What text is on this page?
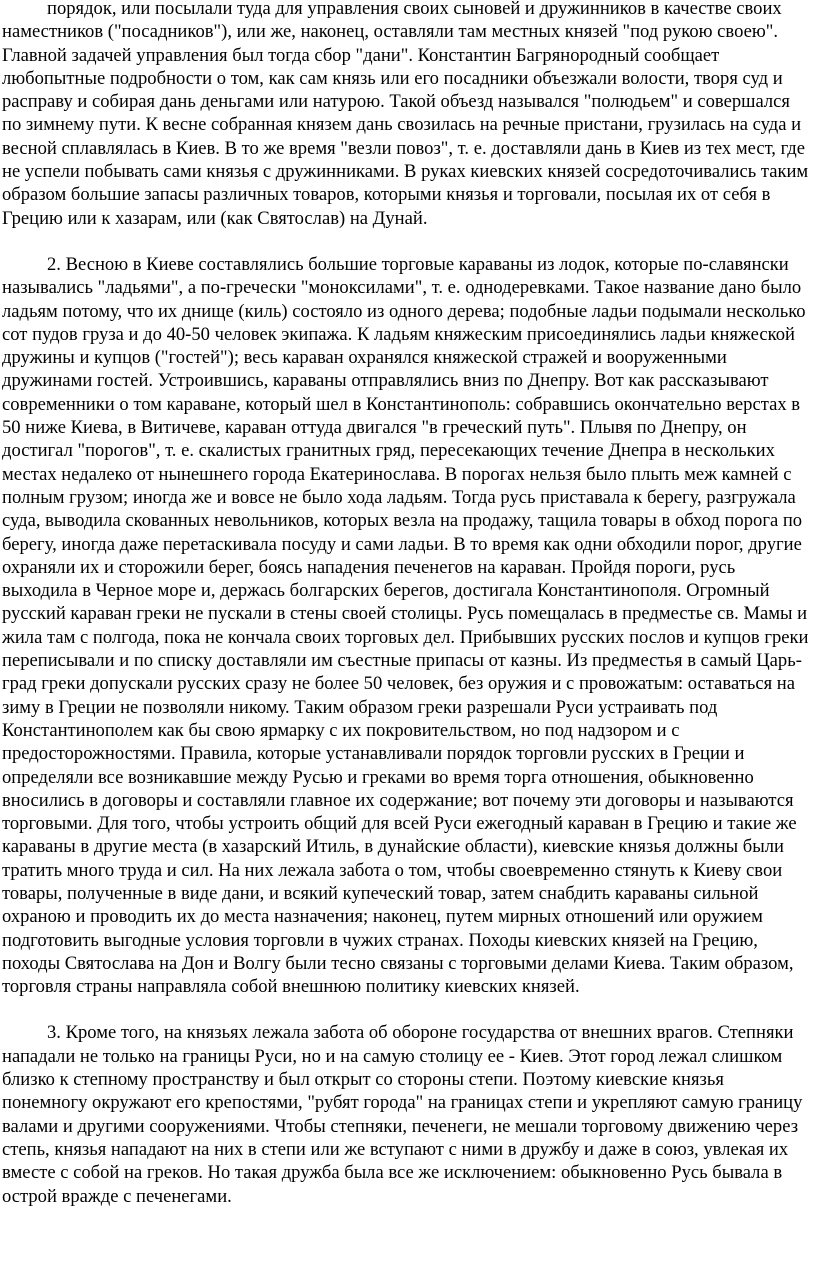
порядок, или посылали туда для управления своих сыновей и дружинников в качестве своих наместников ("посадников"), или же, наконец, оставляли там местных князей "под рукою своею". Главной задачей управления был тогда сбор "дани". Константин Багрянородный сообщает любопытные подробности о том, как сам князь или его посадники объезжали волости, творя суд и расправу и собирая дань деньгами или натурою. Такой объезд назывался "полюдьем" и совершался по зимнему пути. К весне собранная князем дань свозилась на речные пристани, грузилась на суда и весной сплавлялась в Киев. В то же время "везли повоз", т. е. доставляли дань в Киев из тех мест, где не успели побывать сами князья с дружинниками. В руках киевских князей сосредоточивались таким образом большие запасы различных товаров, которыми князья и торговали, посылая их от себя в Грецию или к хазарам, или (как Святослав) на Дунай.

2. Весною в Киеве составлялись большие торговые караваны из лодок, которые по-славянски назывались "ладьями", а по-гречески "моноксилами", т. е. однодеревками. Такое название дано было ладьям потому, что их днище (киль) состояло из одного дерева; подобные ладьи подымали несколько сот пудов груза и до 40-50 человек экипажа. К ладьям княжеским присоединялись ладьи княжеской дружины и купцов ("гостей"); весь караван охранялся княжеской стражей и вооруженными дружинами гостей. Устроившись, караваны отправлялись вниз по Днепру. Вот как рассказывают современники о том караване, который шел в Константинополь: собравшись окончательно верстах в 50 ниже Киева, в Витичеве, караван оттуда двигался "в греческий путь". Плывя по Днепру, он достигал "порогов", т. е. скалистых гранитных гряд, пересекающих течение Днепра в нескольких местах недалеко от нынешнего города Екатеринослава. В порогах нельзя было плыть меж камней с полным грузом; иногда же и вовсе не было хода ладьям. Тогда русь приставала к берегу, разгружала суда, выводила скованных невольников, которых везла на продажу, тащила товары в обход порога по берегу, иногда даже перетаскивала посуду и сами ладьи. В то время как одни обходили порог, другие охраняли их и сторожили берег, боясь нападения печенегов на караван. Пройдя пороги, русь выходила в Черное море и, держась болгарских берегов, достигала Константинополя. Огромный русский караван греки не пускали в стены своей столицы. Русь помещалась в предместье св. Мамы и жила там с полгода, пока не кончала своих торговых дел. Прибывших русских послов и купцов греки переписывали и по списку доставляли им съестные припасы от казны. Из предместья в самый Царь-град греки допускали русских сразу не более 50 человек, без оружия и с провожатым: оставаться на зиму в Греции не позволяли никому. Таким образом греки разрешали Руси устраивать под Константинополем как бы свою ярмарку с их покровительством, но под надзором и с предосторожностями. Правила, которые устанавливали порядок торговли русских в Греции и определяли все возникавшие между Русью и греками во время торга отношения, обыкновенно вносились в договоры и составляли главное их содержание; вот почему эти договоры и называются торговыми. Для того, чтобы устроить общий для всей Руси ежегодный караван в Грецию и такие же караваны в другие места (в хазарский Итиль, в дунайские области), киевские князья должны были тратить много труда и сил. На них лежала забота о том, чтобы своевременно стянуть к Киеву свои товары, полученные в виде дани, и всякий купеческий товар, затем снабдить караваны сильной охраною и проводить их до места назначения; наконец, путем мирных отношений или оружием подготовить выгодные условия торговли в чужих странах. Походы киевских князей на Грецию, походы Святослава на Дон и Волгу были тесно связаны с торговыми делами Киева. Таким образом, торговля страны направляла собой внешнюю политику киевских князей.

3. Кроме того, на князьях лежала забота об обороне государства от внешних врагов. Степняки нападали не только на границы Руси, но и на самую столицу ее - Киев. Этот город лежал слишком близко к степному пространству и был открыт со стороны степи. Поэтому киевские князья понемногу окружают его крепостями, "рубят города" на границах степи и укрепляют самую границу валами и другими сооружениями. Чтобы степняки, печенеги, не мешали торговому движению через степь, князья нападают на них в степи или же вступают с ними в дружбу и даже в союз, увлекая их вместе с собой на греков. Но такая дружба была все же исключением: обыкновенно Русь бывала в острой вражде с печенегами.
